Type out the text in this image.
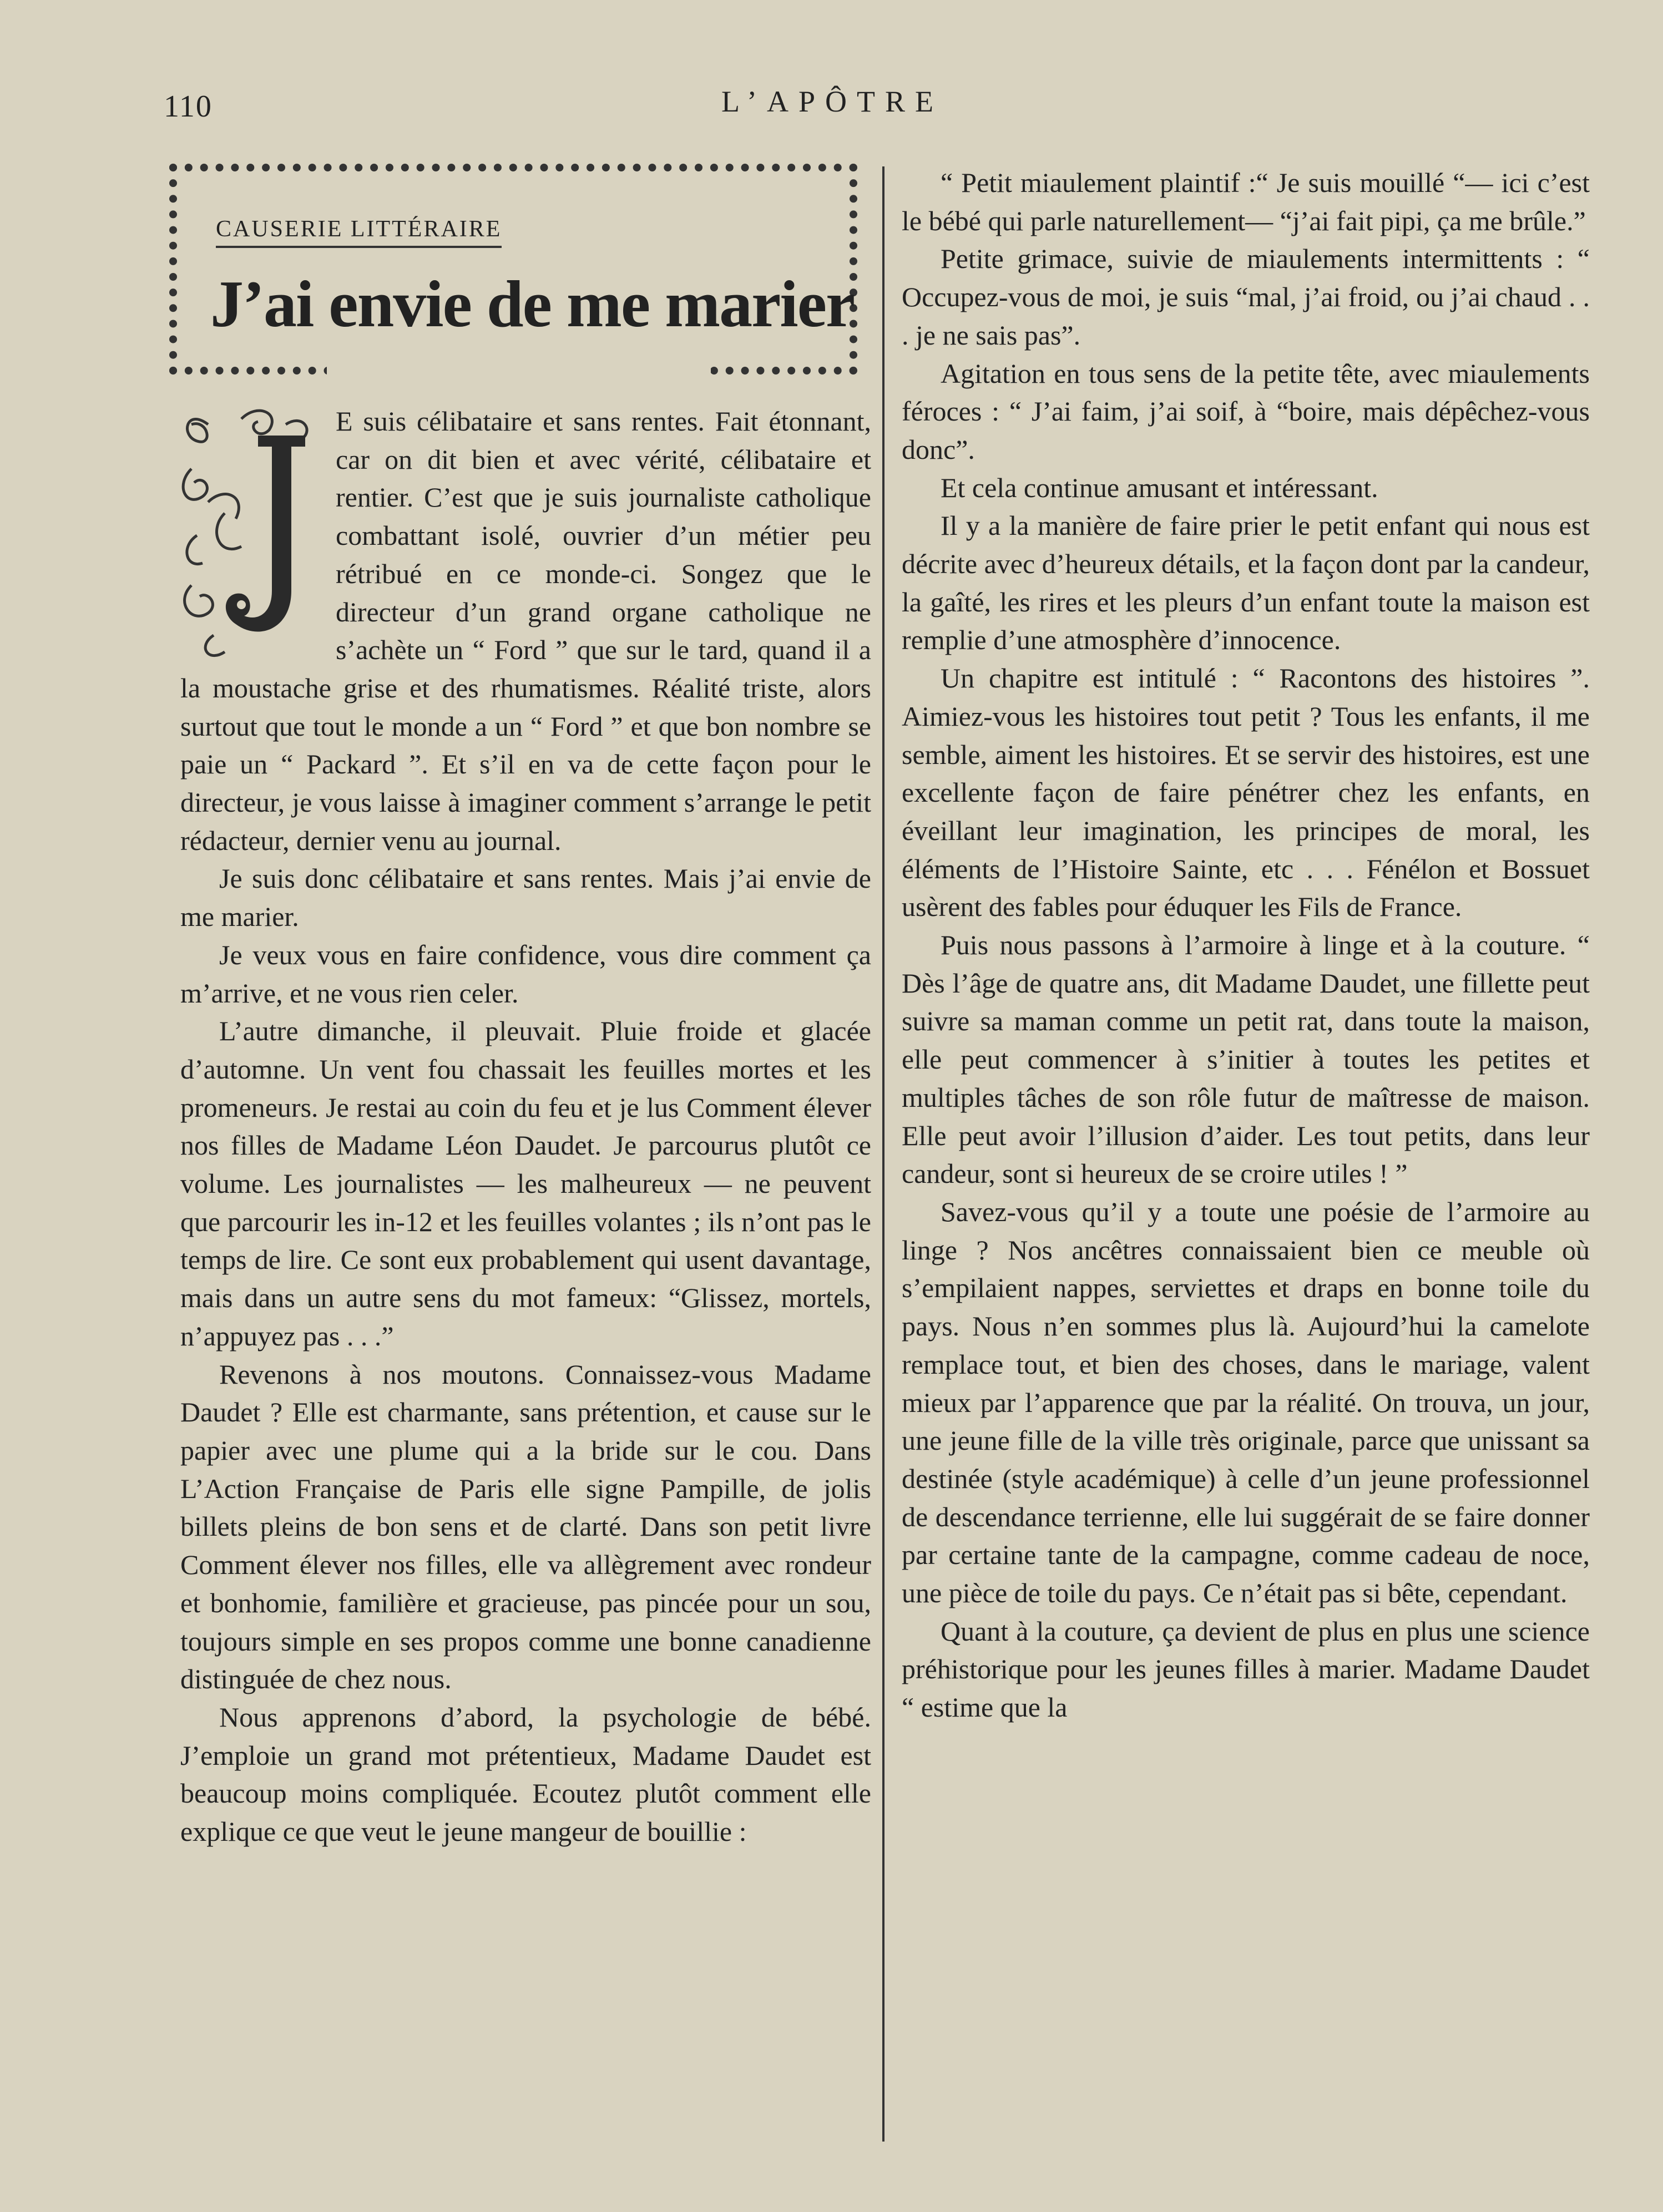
110	L’APÔTRE
CAUSERIE LITTÉRAIRE
J’ai envie de me marier

E suis célibataire et sans rentes. Fait étonnant, car on dit bien et avec vérité, célibataire et rentier. C’est que je suis journaliste catholique combattant isolé, ouvrier d’un métier peu rétribué en ce monde-ci. Songez que le directeur d’un grand organe catholique ne s’achète un “ Ford ” que sur le tard, quand il a la moustache grise et des rhumatismes. Réalité triste, alors surtout que tout le monde a un “ Ford ” et que bon nombre se paie un “ Packard ”. Et s’il en va de cette façon pour le directeur, je vous laisse à imaginer comment s’arrange le petit rédacteur, dernier venu au journal.

Je suis donc célibataire et sans rentes. Mais j’ai envie de me marier.

Je veux vous en faire confidence, vous dire comment ça m’arrive, et ne vous rien celer.

L’autre dimanche, il pleuvait. Pluie froide et glacée d’automne. Un vent fou chassait les feuilles mortes et les promeneurs. Je restai au coin du feu et je lus Comment élever nos filles de Madame Léon Daudet. Je parcourus plutôt ce volume. Les journalistes — les malheureux — ne peuvent que parcourir les in-12 et les feuilles volantes ; ils n’ont pas le temps de lire. Ce sont eux probablement qui usent davantage, mais dans un autre sens du mot fameux: “Glissez, mortels, n’appuyez pas . . .”

Revenons à nos moutons. Connaissez-vous Madame Daudet ? Elle est charmante, sans prétention, et cause sur le papier avec une plume qui a la bride sur le cou. Dans L’Action Française de Paris elle signe Pampille, de jolis billets pleins de bon sens et de clarté. Dans son petit livre Comment élever nos filles, elle va allègrement avec rondeur et bonhomie, familière et gracieuse, pas pincée pour un sou, toujours simple en ses propos comme une bonne canadienne distinguée de chez nous.

Nous apprenons d’abord, la psychologie de bébé. J’emploie un grand mot prétentieux, Madame Daudet est beaucoup moins compliquée. Ecoutez plutôt comment elle explique ce que veut le jeune mangeur de bouillie :

“ Petit miaulement plaintif :“ Je suis mouillé “— ici c’est le bébé qui parle naturellement— “j’ai fait pipi, ça me brûle.”

Petite grimace, suivie de miaulements intermittents : “ Occupez-vous de moi, je suis “mal, j’ai froid, ou j’ai chaud . . . je ne sais pas”.

Agitation en tous sens de la petite tête, avec miaulements féroces : “ J’ai faim, j’ai soif, à “boire, mais dépêchez-vous donc”.

Et cela continue amusant et intéressant.

Il y a la manière de faire prier le petit enfant qui nous est décrite avec d’heureux détails, et la façon dont par la candeur, la gaîté, les rires et les pleurs d’un enfant toute la maison est remplie d’une atmosphère d’innocence.

Un chapitre est intitulé : “ Racontons des histoires ”. Aimiez-vous les histoires tout petit ? Tous les enfants, il me semble, aiment les histoires. Et se servir des histoires, est une excellente façon de faire pénétrer chez les enfants, en éveillant leur imagination, les principes de moral, les éléments de l’Histoire Sainte, etc . . . Fénélon et Bossuet usèrent des fables pour éduquer les Fils de France.

Puis nous passons à l’armoire à linge et à la couture. “ Dès l’âge de quatre ans, dit Madame Daudet, une fillette peut suivre sa maman comme un petit rat, dans toute la maison, elle peut commencer à s’initier à toutes les petites et multiples tâches de son rôle futur de maîtresse de maison. Elle peut avoir l’illusion d’aider. Les tout petits, dans leur candeur, sont si heureux de se croire utiles ! ”

Savez-vous qu’il y a toute une poésie de l’armoire au linge ? Nos ancêtres connaissaient bien ce meuble où s’empilaient nappes, serviettes et draps en bonne toile du pays. Nous n’en sommes plus là. Aujourd’hui la camelote remplace tout, et bien des choses, dans le mariage, valent mieux par l’apparence que par la réalité. On trouva, un jour, une jeune fille de la ville très originale, parce que unissant sa destinée (style académique) à celle d’un jeune professionnel de descendance terrienne, elle lui suggérait de se faire donner par certaine tante de la campagne, comme cadeau de noce, une pièce de toile du pays. Ce n’était pas si bête, cependant.

Quant à la couture, ça devient de plus en plus une science préhistorique pour les jeunes filles à marier. Madame Daudet “ estime que la
